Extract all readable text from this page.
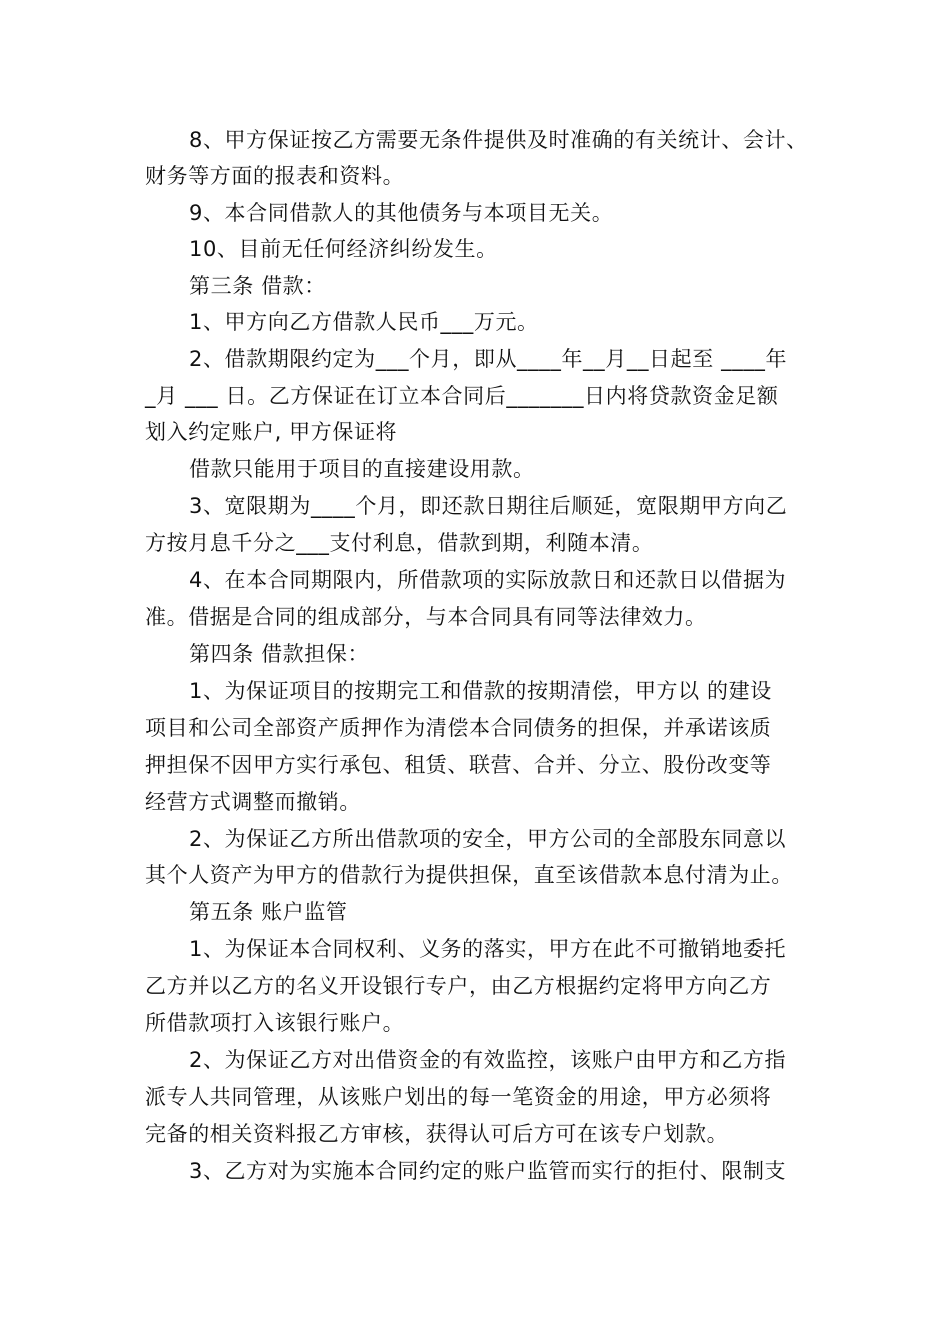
8、甲方保证按乙方需要无条件提供及时准确的有关统计、会计、

财务等方面的报表和资料。

9、本合同借款人的其他债务与本项目无关。

10、目前无任何经济纠纷发生。

第三条 借款：

1、甲方向乙方借款人民币___万元。

2、借款期限约定为___个月，即从____年__月__日起至 ____年

_月 ___ 日。乙方保证在订立本合同后_______日内将贷款资金足额

划入约定账户, 甲方保证将

借款只能用于项目的直接建设用款。

3、宽限期为____个月，即还款日期往后顺延，宽限期甲方向乙

方按月息千分之___支付利息，借款到期，利随本清。

4、在本合同期限内，所借款项的实际放款日和还款日以借据为

准。借据是合同的组成部分，与本合同具有同等法律效力。

第四条 借款担保：

1、为保证项目的按期完工和借款的按期清偿，甲方以 的建设

项目和公司全部资产质押作为清偿本合同债务的担保，并承诺该质

押担保不因甲方实行承包、租赁、联营、合并、分立、股份改变等

经营方式调整而撤销。

2、为保证乙方所出借款项的安全，甲方公司的全部股东同意以

其个人资产为甲方的借款行为提供担保，直至该借款本息付清为止。

第五条 账户监管

1、为保证本合同权利、义务的落实，甲方在此不可撤销地委托

乙方并以乙方的名义开设银行专户，由乙方根据约定将甲方向乙方

所借款项打入该银行账户。

2、为保证乙方对出借资金的有效监控，该账户由甲方和乙方指

派专人共同管理，从该账户划出的每一笔资金的用途，甲方必须将

完备的相关资料报乙方审核，获得认可后方可在该专户划款。

3、乙方对为实施本合同约定的账户监管而实行的拒付、限制支
